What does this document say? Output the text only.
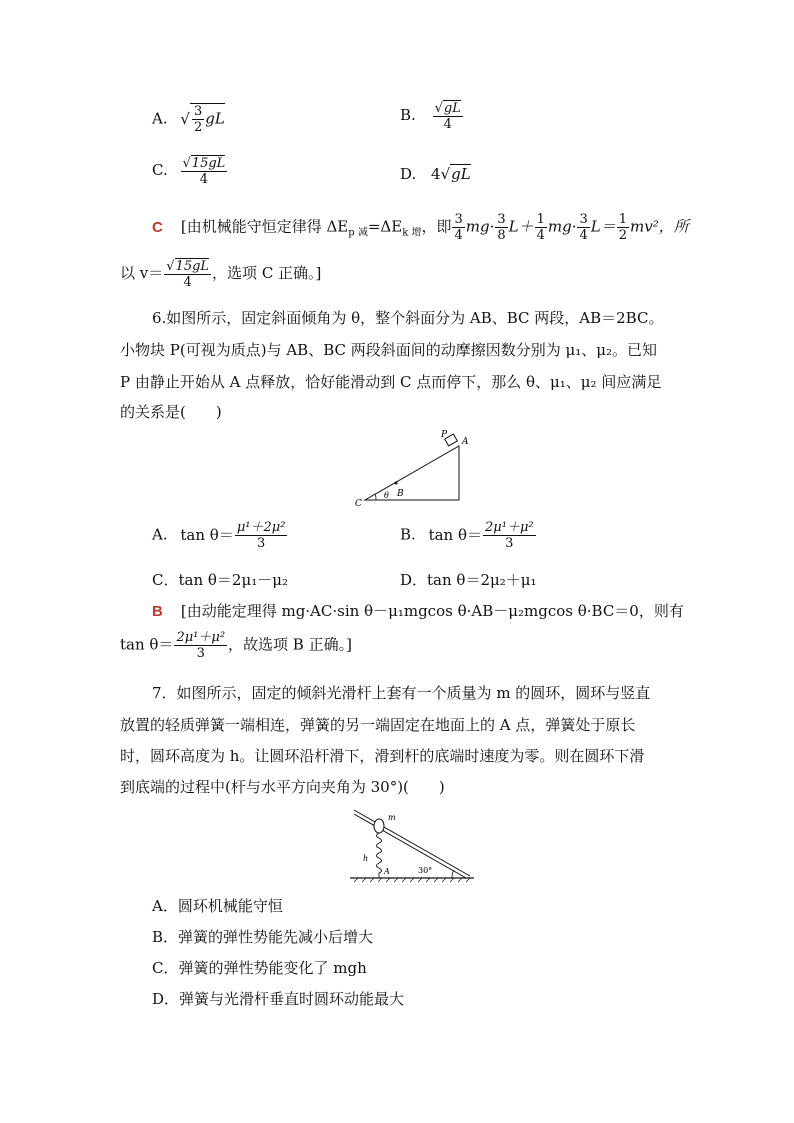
A. √ $\frac{3}{2}$ gL	B. $\frac{√gL}{4}$
C. $\frac{√15gL}{4}$	D. 4√gL
C [由机械能守恒定律得 $\Delta E_{p 减}=\Delta E_{k 增}$，即 $\frac{3}{4} mg\cdot \frac{3}{8} L+ \frac{1}{4} mg\cdot \frac{3}{4} L= \frac{1}{2} mv^2$，所
以 $v= \frac{√15gL}{4}$ ，选项 C 正确。]
6.如图所示，固定斜面倾角为 θ，整个斜面分为 AB、BC 两段，AB＝2BC。
小物块 P(可视为质点)与 AB、BC 两段斜面间的动摩擦因数分别为 μ₁、μ₂。已知
P 由静止开始从 A 点释放，恰好能滑动到 C 点而停下，那么 θ、μ₁、μ₂ 间应满足
的关系是(　　)
P
A
B
C
θ
A. $\tan \theta= \frac{\text{μ¹＋2μ²}}{3}$	B. $\tan \theta= \frac{\text{2μ¹＋μ²}}{3}$
C．tan θ＝2μ₁－μ₂	D．tan θ＝2μ₂＋μ₁
B [由动能定理得 mg·AC·sin θ－μ₁mgcos θ·AB－μ₂mgcos θ·BC＝0，则有
$\tan \theta= \frac{\text{2μ¹＋μ²}}{3}$ ，故选项 B 正确。]
7．如图所示，固定的倾斜光滑杆上套有一个质量为 m 的圆环，圆环与竖直
放置的轻质弹簧一端相连，弹簧的另一端固定在地面上的 A 点，弹簧处于原长
时，圆环高度为 h。让圆环沿杆滑下，滑到杆的底端时速度为零。则在圆环下滑
到底端的过程中(杆与水平方向夹角为 30°)(　　)
m
h
A	30°
A．圆环机械能守恒
B．弹簧的弹性势能先减小后增大
C．弹簧的弹性势能变化了 mgh
D．弹簧与光滑杆垂直时圆环动能最大
